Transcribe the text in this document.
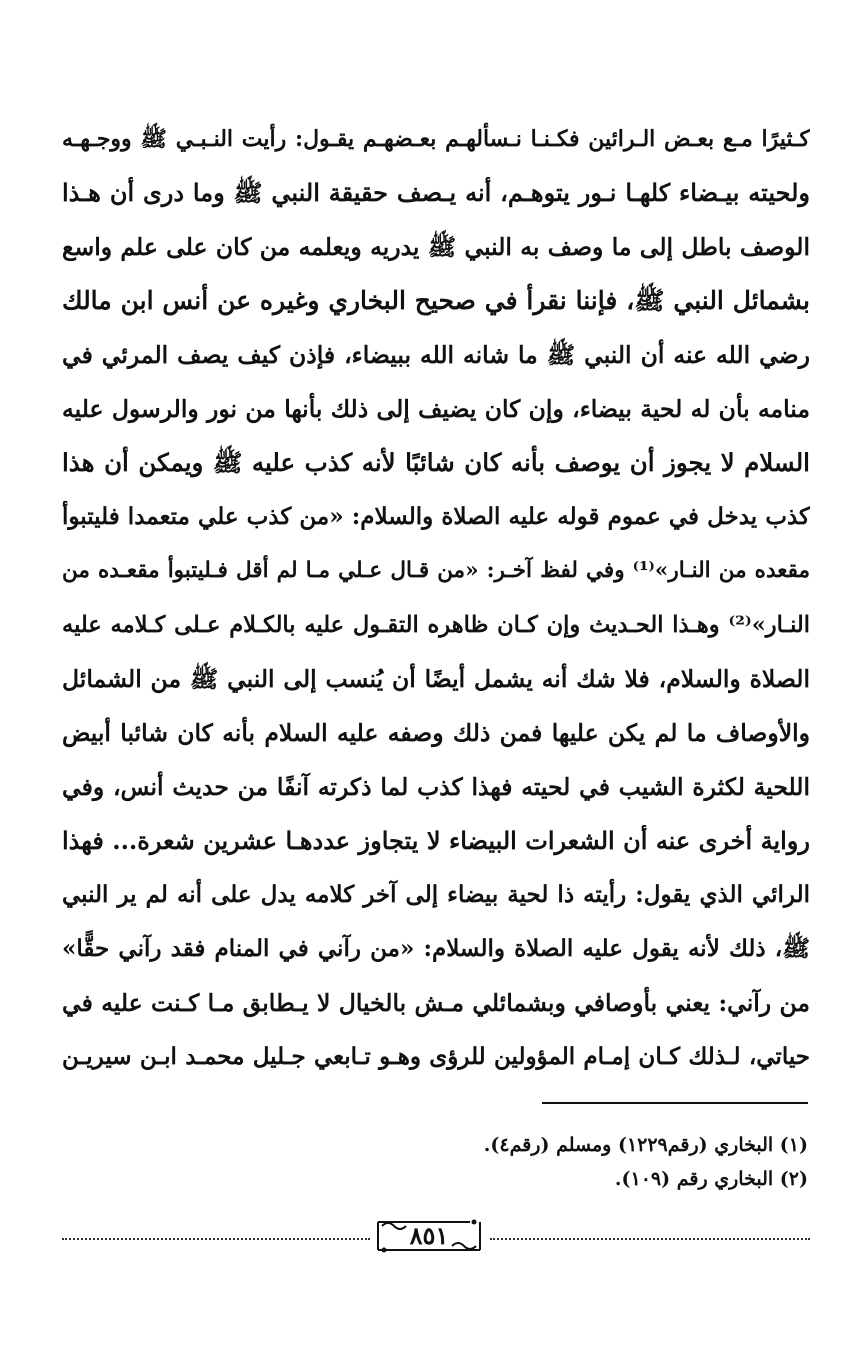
كـثيرًا مـع بعـض الـرائين فكـنـا نـسألهـم بعـضهـم يقـول: رأيت النـبـي ﷺ ووجـهـه
ولحيته بيـضاء كلهـا نـور يتوهـم، أنه يـصف حقيقة النبي ﷺ وما درى أن هـذا
الوصف باطل إلى ما وصف به النبي ﷺ يدريه ويعلمه من كان على علم واسع
بشمائل النبي ﷺ، فإننا نقرأ في صحيح البخاري وغيره عن أنس ابن مالك
رضي الله عنه أن النبي ﷺ ما شانه الله ببيضاء، فإذن كيف يصف المرئي في
منامه بأن له لحية بيضاء، وإن كان يضيف إلى ذلك بأنها من نور والرسول عليه
السلام لا يجوز أن يوصف بأنه كان شائبًا لأنه كذب عليه ﷺ ويمكن أن هذا
كذب يدخل في عموم قوله عليه الصلاة والسلام: «من كذب علي متعمدا فليتبوأ
مقعده من النـار»⁽¹⁾ وفي لفظ آخـر: «من قـال عـلي مـا لم أقل فـليتبوأ مقعـده من
النـار»⁽²⁾ وهـذا الحـديث وإن كـان ظاهره التقـول عليه بالكـلام عـلى كـلامه عليه
الصلاة والسلام، فلا شك أنه يشمل أيضًا أن يُنسب إلى النبي ﷺ من الشمائل
والأوصاف ما لم يكن عليها فمن ذلك وصفه عليه السلام بأنه كان شائبا أبيض
اللحية لكثرة الشيب في لحيته فهذا كذب لما ذكرته آنفًا من حديث أنس، وفي
رواية أخرى عنه أن الشعرات البيضاء لا يتجاوز عددهـا عشرين شعرة... فهذا
الرائي الذي يقول: رأيته ذا لحية بيضاء إلى آخر كلامه يدل على أنه لم ير النبي
ﷺ، ذلك لأنه يقول عليه الصلاة والسلام: «من رآني في المنام فقد رآني حقًّا»
من رآني: يعني بأوصافي وبشمائلي مـش بالخيال لا يـطابق مـا كـنت عليه في
حياتي، لـذلك كـان إمـام المؤولين للرؤى وهـو تـابعي جـليل محمـد ابـن سيريـن
(١) البخاري (رقم١٢٢٩) ومسلم (رقم٤).
(٢) البخاري رقم (١٠٩).
٨٥١
